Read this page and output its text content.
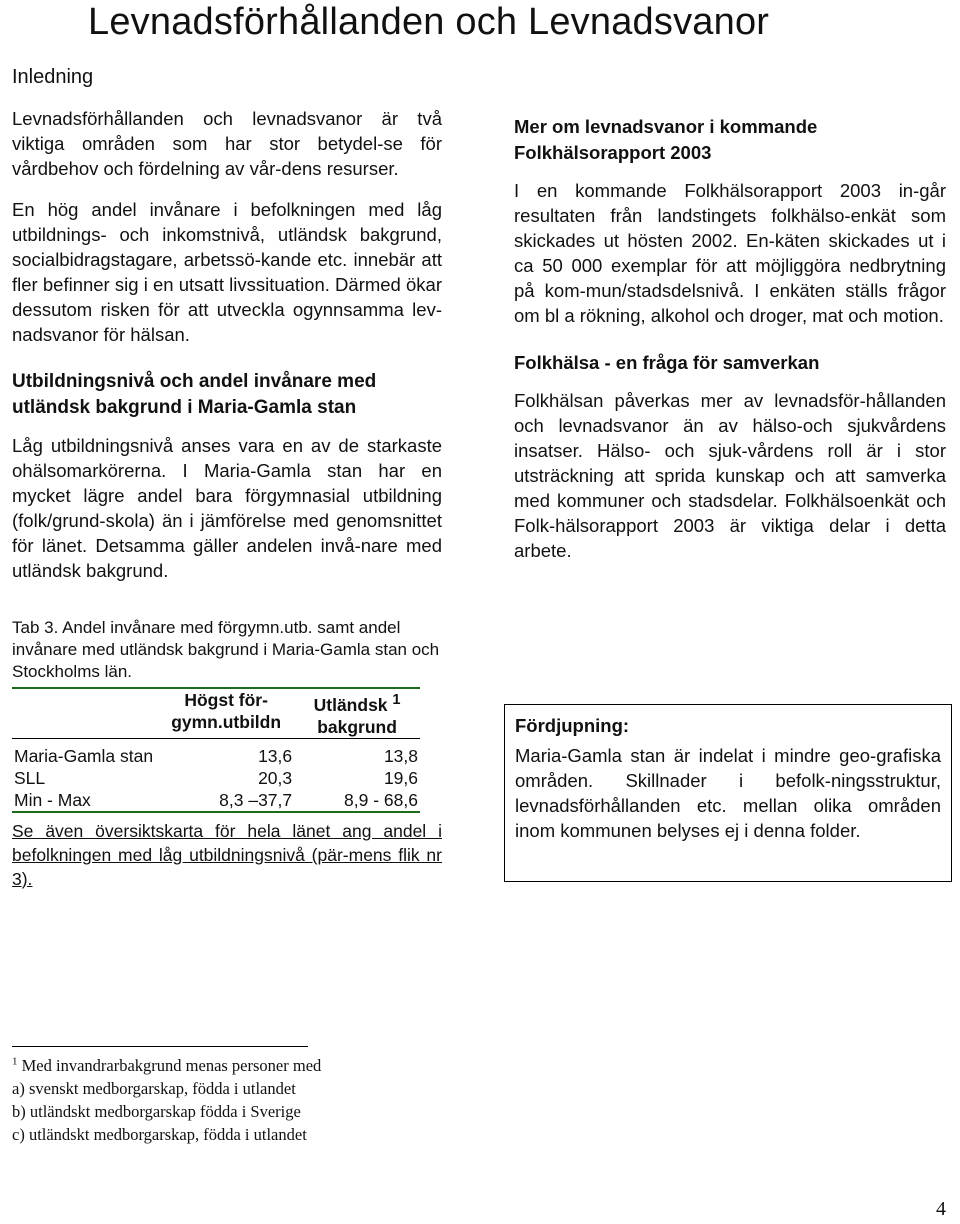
Levnadsförhållanden och Levnadsvanor
Inledning

Levnadsförhållanden och levnadsvanor är två viktiga områden som har stor betydel-se för vårdbehov och fördelning av vår-dens resurser.

En hög andel invånare i befolkningen med låg utbildnings- och inkomstnivå, utländsk bakgrund, socialbidragstagare, arbetssö-kande etc. innebär att fler befinner sig i en utsatt livssituation. Därmed ökar dessutom risken för att utveckla ogynnsamma lev-nadsvanor för hälsan.

Utbildningsnivå och andel invånare med utländsk bakgrund i Maria-Gamla stan

Låg utbildningsnivå anses vara en av de starkaste ohälsomarkörerna. I Maria-Gamla stan har en mycket lägre andel bara förgymnasial utbildning (folk/grund-skola) än i jämförelse med genomsnittet för länet. Detsamma gäller andelen invå-nare med utländsk bakgrund.

Tab 3. Andel invånare med förgymn.utb. samt andel invånare med utländsk bakgrund i Maria-Gamla stan och Stockholms län.
	Högst för-gymn.utbildn	Utländsk $^1$
bakgrund
Maria-Gamla stan	13,6	13,8
SLL	20,3	19,6
Min - Max	8,3 –37,7	8,9 - 68,6
Se även översiktskarta för hela länet ang andel i befolkningen med låg utbildningsnivå (pär-mens flik nr 3).
$^1$ Med invandrarbakgrund menas personer med
a) svenskt medborgarskap, födda i utlandet
b) utländskt medborgarskap födda i Sverige
c) utländskt medborgarskap, födda i utlandet
Mer om levnadsvanor i kommande Folkhälsorapport 2003

I en kommande Folkhälsorapport 2003 in-går resultaten från landstingets folkhälso-enkät som skickades ut hösten 2002. En-käten skickades ut i ca 50 000 exemplar för att möjliggöra nedbrytning på kom-mun/stadsdelsnivå. I enkäten ställs frågor om bl a rökning, alkohol och droger, mat och motion.

Folkhälsa - en fråga för samverkan

Folkhälsan påverkas mer av levnadsför-hållanden och levnadsvanor än av hälso-och sjukvårdens insatser. Hälso- och sjuk-vårdens roll är i stor utsträckning att sprida kunskap och att samverka med kommuner och stadsdelar. Folkhälsoenkät och Folk-hälsorapport 2003 är viktiga delar i detta arbete.

Fördjupning:

Maria-Gamla stan är indelat i mindre geo-grafiska områden. Skillnader i befolk-ningsstruktur, levnadsförhållanden etc. mellan olika områden inom kommunen belyses ej i denna folder.

4
